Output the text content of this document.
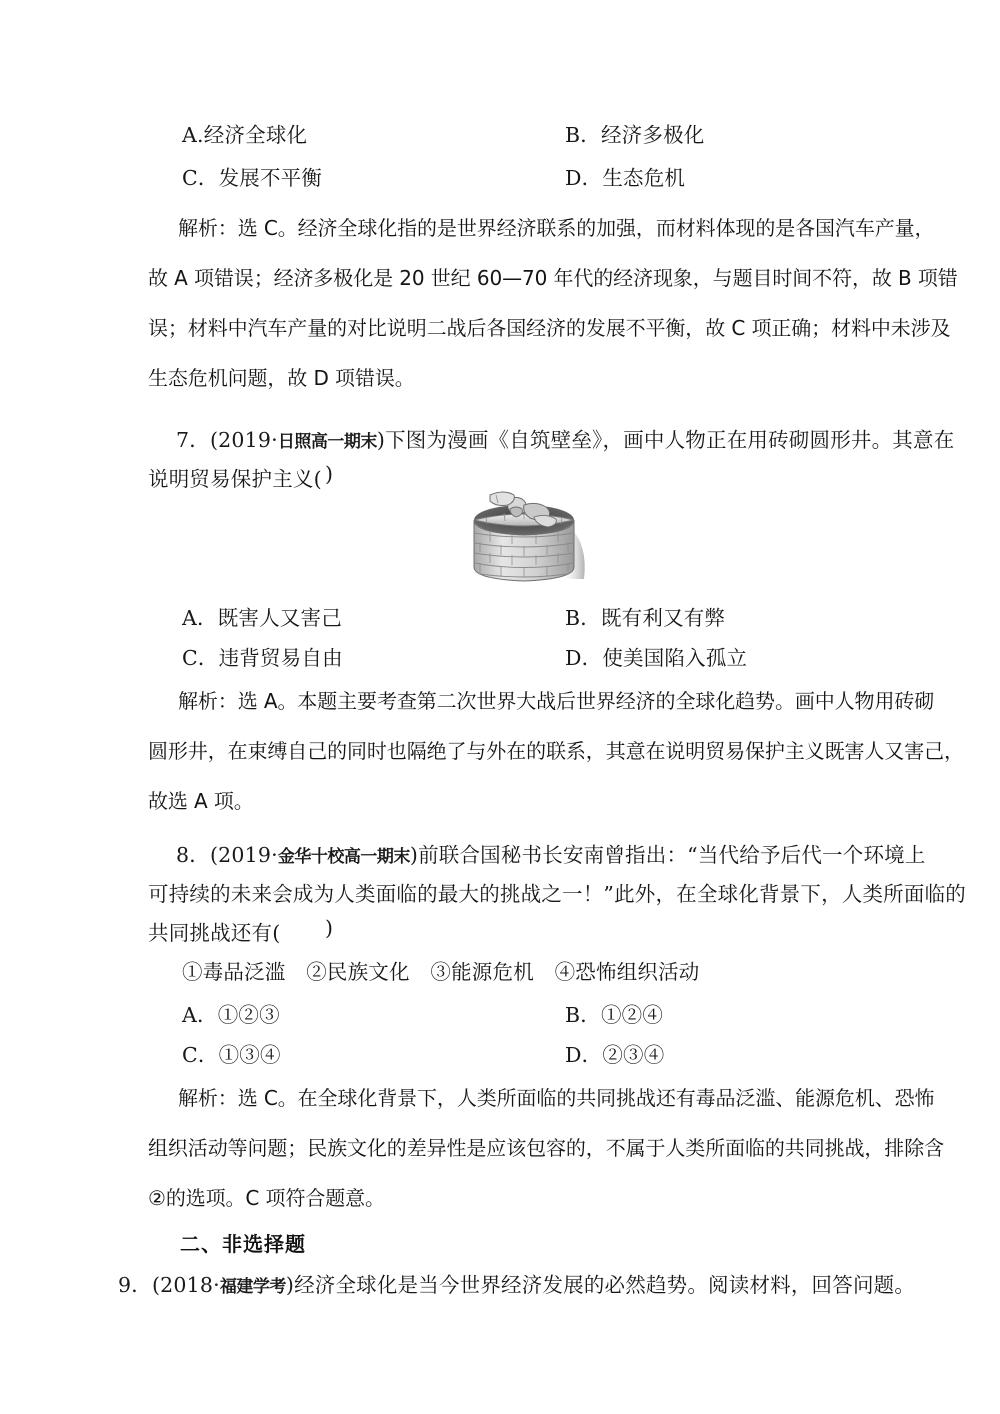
A.经济全球化	B．经济多极化
C．发展不平衡	D．生态危机
解析：选 C。经济全球化指的是世界经济联系的加强，而材料体现的是各国汽车产量，
故 A 项错误；经济多极化是 20 世纪 60—70 年代的经济现象，与题目时间不符，故 B 项错
误；材料中汽车产量的对比说明二战后各国经济的发展不平衡，故 C 项正确；材料中未涉及
生态危机问题，故 D 项错误。
7．(2019·日照高一期末)下图为漫画《自筑壁垒》，画中人物正在用砖砌圆形井。其意在
说明贸易保护主义( )
A．既害人又害己	B．既有利又有弊
C．违背贸易自由	D．使美国陷入孤立
解析：选 A。本题主要考查第二次世界大战后世界经济的全球化趋势。画中人物用砖砌
圆形井，在束缚自己的同时也隔绝了与外在的联系，其意在说明贸易保护主义既害人又害己，
故选 A 项。
8．(2019·金华十校高一期末)前联合国秘书长安南曾指出：“当代给予后代一个环境上
可持续的未来会成为人类面临的最大的挑战之一！”此外，在全球化背景下，人类所面临的
共同挑战还有( )
①毒品泛滥　②民族文化　③能源危机　④恐怖组织活动
A．①②③	B．①②④
C．①③④	D．②③④
解析：选 C。在全球化背景下，人类所面临的共同挑战还有毒品泛滥、能源危机、恐怖
组织活动等问题；民族文化的差异性是应该包容的，不属于人类所面临的共同挑战，排除含
②的选项。C 项符合题意。
二、非选择题
9．(2018·福建学考)经济全球化是当今世界经济发展的必然趋势。阅读材料，回答问题。
